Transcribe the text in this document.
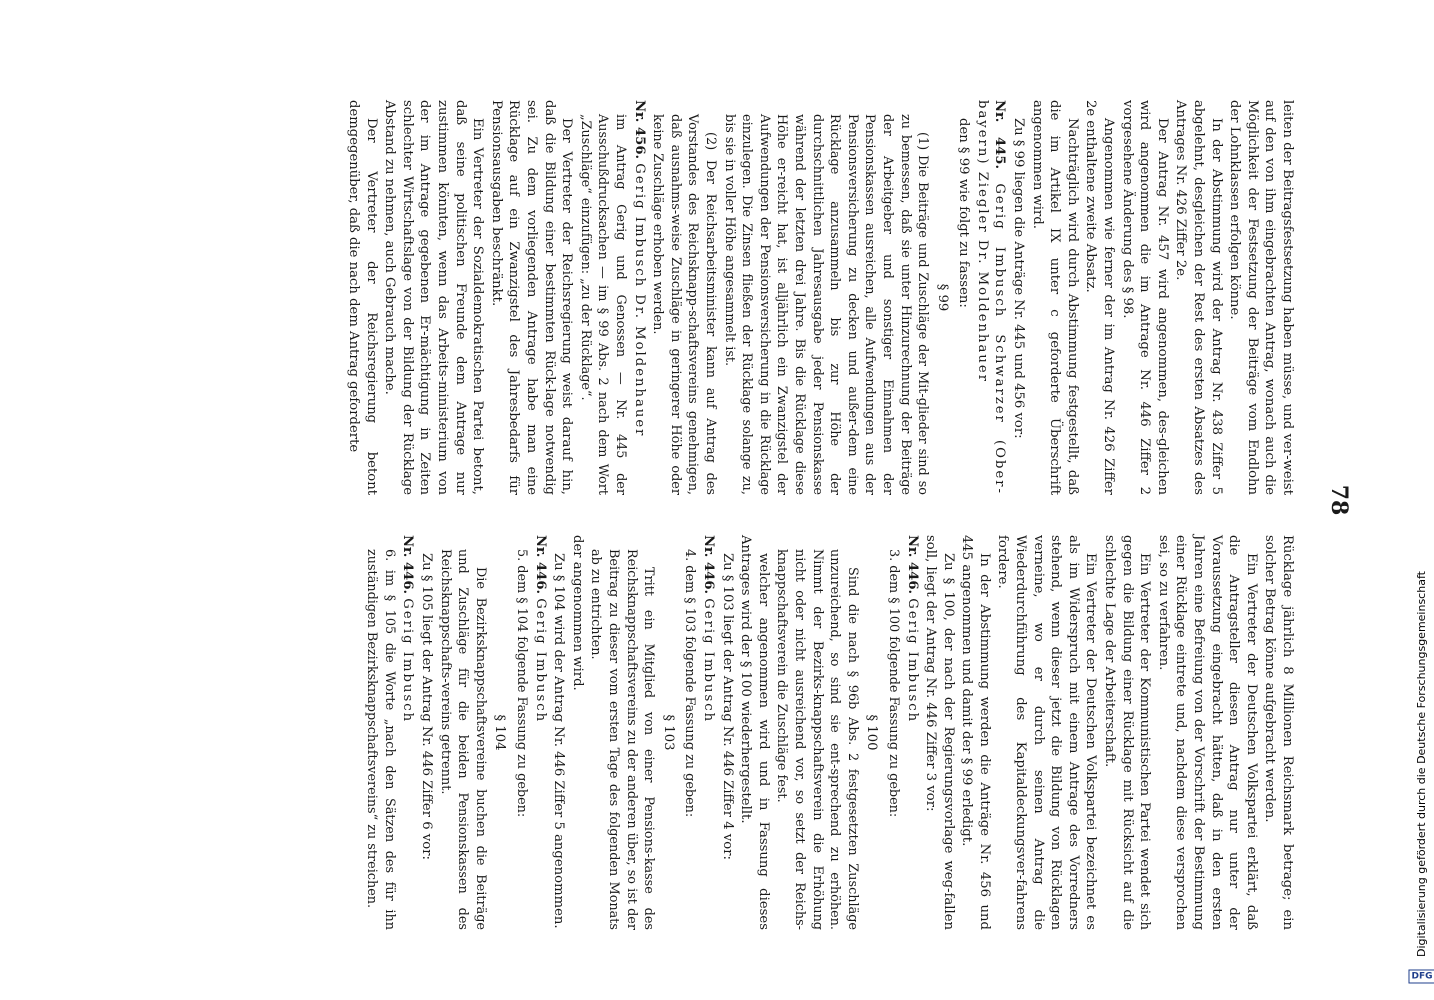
78

leiten der Beitragsfestsetzung haben müsse, und ver-weist auf den von ihm eingebrachten Antrag, wonach auch die Möglichkeit der Festsetzung der Beiträge vom Endlohn der Lohnklassen erfolgen könne.

In der Abstimmung wird der Antrag Nr. 438 Ziffer 5 abgelehnt, desgleichen der Rest des ersten Absatzes des Antrages Nr. 426 Ziffer 2e.

Der Antrag Nr. 457 wird angenommen, des-gleichen wird angenommen die im Antrage Nr. 446 Ziffer 2 vorgesehene Änderung des § 98.

Angenommen wie ferner der im Antrag Nr. 426 Ziffer 2e enthaltene zweite Absatz.

Nachträglich wird durch Abstimmung festgestellt, daß die im Artikel IX unter c geforderte Überschrift angenommen wird.

Zu § 99 liegen die Anträge Nr. 445 und 456 vor:

Nr. 445. Gerig Imbusch Schwarzer (Ober-bayern) Ziegler Dr. Moldenhauer

den § 99 wie folgt zu fassen:

§ 99

(1) Die Beiträge und Zuschläge der Mit-glieder sind so zu bemessen, daß sie unter Hinzurechnung der Beiträge der Arbeitgeber und sonstiger Einnahmen der Pensionskassen ausreichen, alle Aufwendungen aus der Pensionsversicherung zu decken und außer-dem eine Rücklage anzusammeln bis zur Höhe der durchschnittlichen Jahresausgabe jeder Pensionskasse während der letzten drei Jahre. Bis die Rücklage diese Höhe er-reicht hat, ist alljährlich ein Zwanzigstel der Aufwendungen der Pensionsversicherung in die Rücklage einzulegen. Die Zinsen fließen der Rücklage solange zu, bis sie in voller Höhe angesammelt ist.

(2) Der Reichsarbeitsminister kann auf Antrag des Vorstandes des Reichsknapp-schaftsvereins genehmigen, daß ausnahms-weise Zuschläge in geringerer Höhe oder keine Zuschläge erhoben werden.

Nr. 456. Gerig Imbusch Dr. Moldenhauer

im Antrag Gerig und Genossen — Nr. 445 der Ausschußdrucksachen — im § 99 Abs. 2 nach dem Wort „Zuschläge“ einzufügen: „zu der Rücklage“.

Der Vertreter der Reichsregierung weist darauf hin, daß die Bildung einer bestimmten Rück-lage notwendig sei. Zu dem vorliegenden Antrage habe man eine Rücklage auf ein Zwanzigstel des Jahresbedarfs für Pensionsausgaben beschränkt.

Ein Vertreter der Sozialdemokratischen Partei betont, daß seine politischen Freunde dem Antrage nur zustimmen könnten, wenn das Arbeits-ministerium von der im Antrage gegebenen Er-mächtigung in Zeiten schlechter Wirtschaftslage von der Bildung der Rücklage Abstand zu nehmen, auch Gebrauch mache.

Der Vertreter der Reichsregierung betont demgegenüber, daß die nach dem Antrag geforderte

Rücklage jährlich 8 Millionen Reichsmark betrage; ein solcher Betrag könne aufgebracht werden.

Ein Vertreter der Deutschen Volkspartei erklärt, daß die Antragsteller diesen Antrag nur unter der Voraussetzung eingebracht hätten, daß in den ersten Jahren eine Befreiung von der Vorschrift der Bestimmung einer Rücklage eintrete und, nachdem diese versprochen sei, so zu verfahren.

Ein Vertreter der Kommunistischen Partei wendet sich gegen die Bildung einer Rücklage mit Rücksicht auf die schlechte Lage der Arbeiterschaft.

Ein Vertreter der Deutschen Volkspartei bezeichnet es als im Widerspruch mit einem Antrage des Vorredners stehend, wenn dieser jetzt die Bildung von Rücklagen verneine, wo er durch seinen Antrag die Wiederdurchführung des Kapitaldeckungsver-fahrens fordere.

In der Abstimmung werden die Anträge Nr. 456 und 445 angenommen und damit der § 99 erledigt.

Zu § 100, der nach der Regierungsvorlage weg-fallen soll, liegt der Antrag Nr. 446 Ziffer 3 vor:

Nr. 446. Gerig Imbusch

3. dem § 100 folgende Fassung zu geben:

§ 100

Sind die nach § 96b Abs. 2 festgesetzten Zuschläge unzureichend, so sind sie ent-sprechend zu erhöhen. Nimmt der Bezirks-knappschaftsverein die Erhöhung nicht oder nicht ausreichend vor, so setzt der Reichs-knappschaftsverein die Zuschläge fest.

welcher angenommen wird und in Fassung dieses Antrages wird der § 100 wiederhergestellt.

Zu § 103 liegt der Antrag Nr. 446 Ziffer 4 vor:

Nr. 446. Gerig Imbusch

4. dem § 103 folgende Fassung zu geben:

§ 103

Tritt ein Mitglied von einer Pensions-kasse des Reichsknappschaftsvereins zu der anderen über, so ist der Beitrag zu dieser vom ersten Tage des folgenden Monats ab zu entrichten.

der angenommen wird.

Zu § 104 wird der Antrag Nr. 446 Ziffer 5 angenommen.

Nr. 446. Gerig Imbusch

5. dem § 104 folgende Fassung zu geben:

§ 104

Die Bezirksknappschaftsvereine buchen die Beiträge und Zuschläge für die beiden Pensionskassen des Reichsknappschafts-vereins getrennt.

Zu § 105 liegt der Antrag Nr. 446 Ziffer 6 vor:

Nr. 446. Gerig Imbusch

6. im § 105 die Worte „nach den Sätzen des für ihn zuständigen Bezirksknappschaftsvereins“ zu streichen.

DFGDigitalisierung gefördert durch die Deutsche Forschungsgemeinschaft
